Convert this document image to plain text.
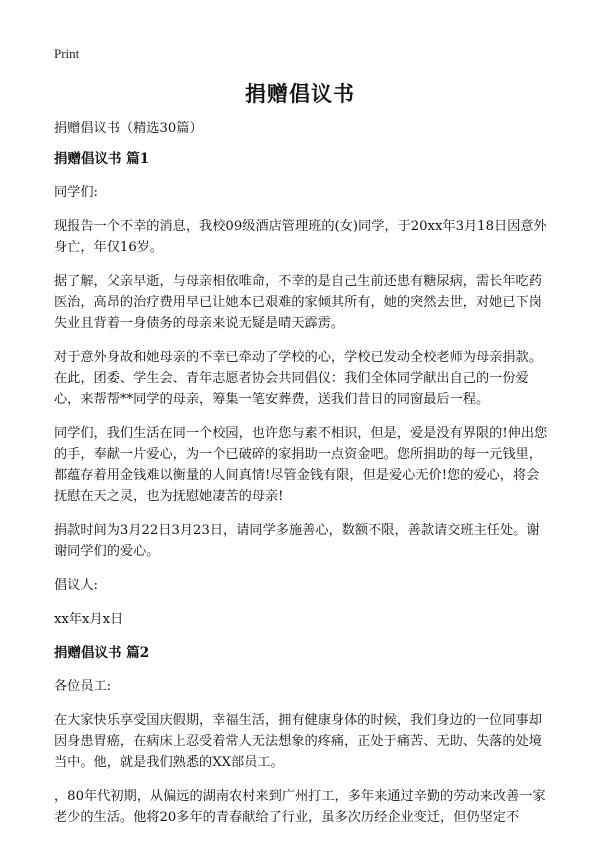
Print
捐赠倡议书

捐赠倡议书（精选30篇）

捐赠倡议书 篇1

同学们:

现报告一个不幸的消息，我校09级酒店管理班的(女)同学，于20xx年3月18日因意外身亡，年仅16岁。

据了解，父亲早逝，与母亲相依唯命，不幸的是自己生前还患有糖尿病，需长年吃药医治，高昂的治疗费用早已让她本已艰难的家倾其所有，她的突然去世，对她已下岗失业且背着一身债务的母亲来说无疑是晴天霹雳。

对于意外身故和她母亲的不幸已牵动了学校的心，学校已发动全校老师为母亲捐款。在此，团委、学生会、青年志愿者协会共同倡仪：我们全体同学献出自己的一份爱心，来帮帮**同学的母亲，筹集一笔安葬费，送我们昔日的同窗最后一程。

同学们，我们生活在同一个校园，也许您与素不相识，但是，爱是没有界限的!伸出您的手，奉献一片爱心，为一个已破碎的家捐助一点资金吧。您所捐助的每一元钱里，都蕴存着用金钱难以衡量的人间真情!尽管金钱有限，但是爱心无价!您的爱心，将会抚慰在天之灵，也为抚慰她凄苦的母亲!

捐款时间为3月22日3月23日，请同学多施善心，数额不限，善款请交班主任处。谢谢同学们的爱心。

倡议人:

xx年x月x日

捐赠倡议书 篇2

各位员工:

在大家快乐享受国庆假期，幸福生活，拥有健康身体的时候，我们身边的一位同事却因身患胃癌，在病床上忍受着常人无法想象的疼痛，正处于痛苦、无助、失落的处境当中。他，就是我们熟悉的XX部员工。

，80年代初期，从偏远的湖南农村来到广州打工，多年来通过辛勤的劳动来改善一家老少的生活。他将20多年的青春献给了行业，虽多次历经企业变迁，但仍坚定不
